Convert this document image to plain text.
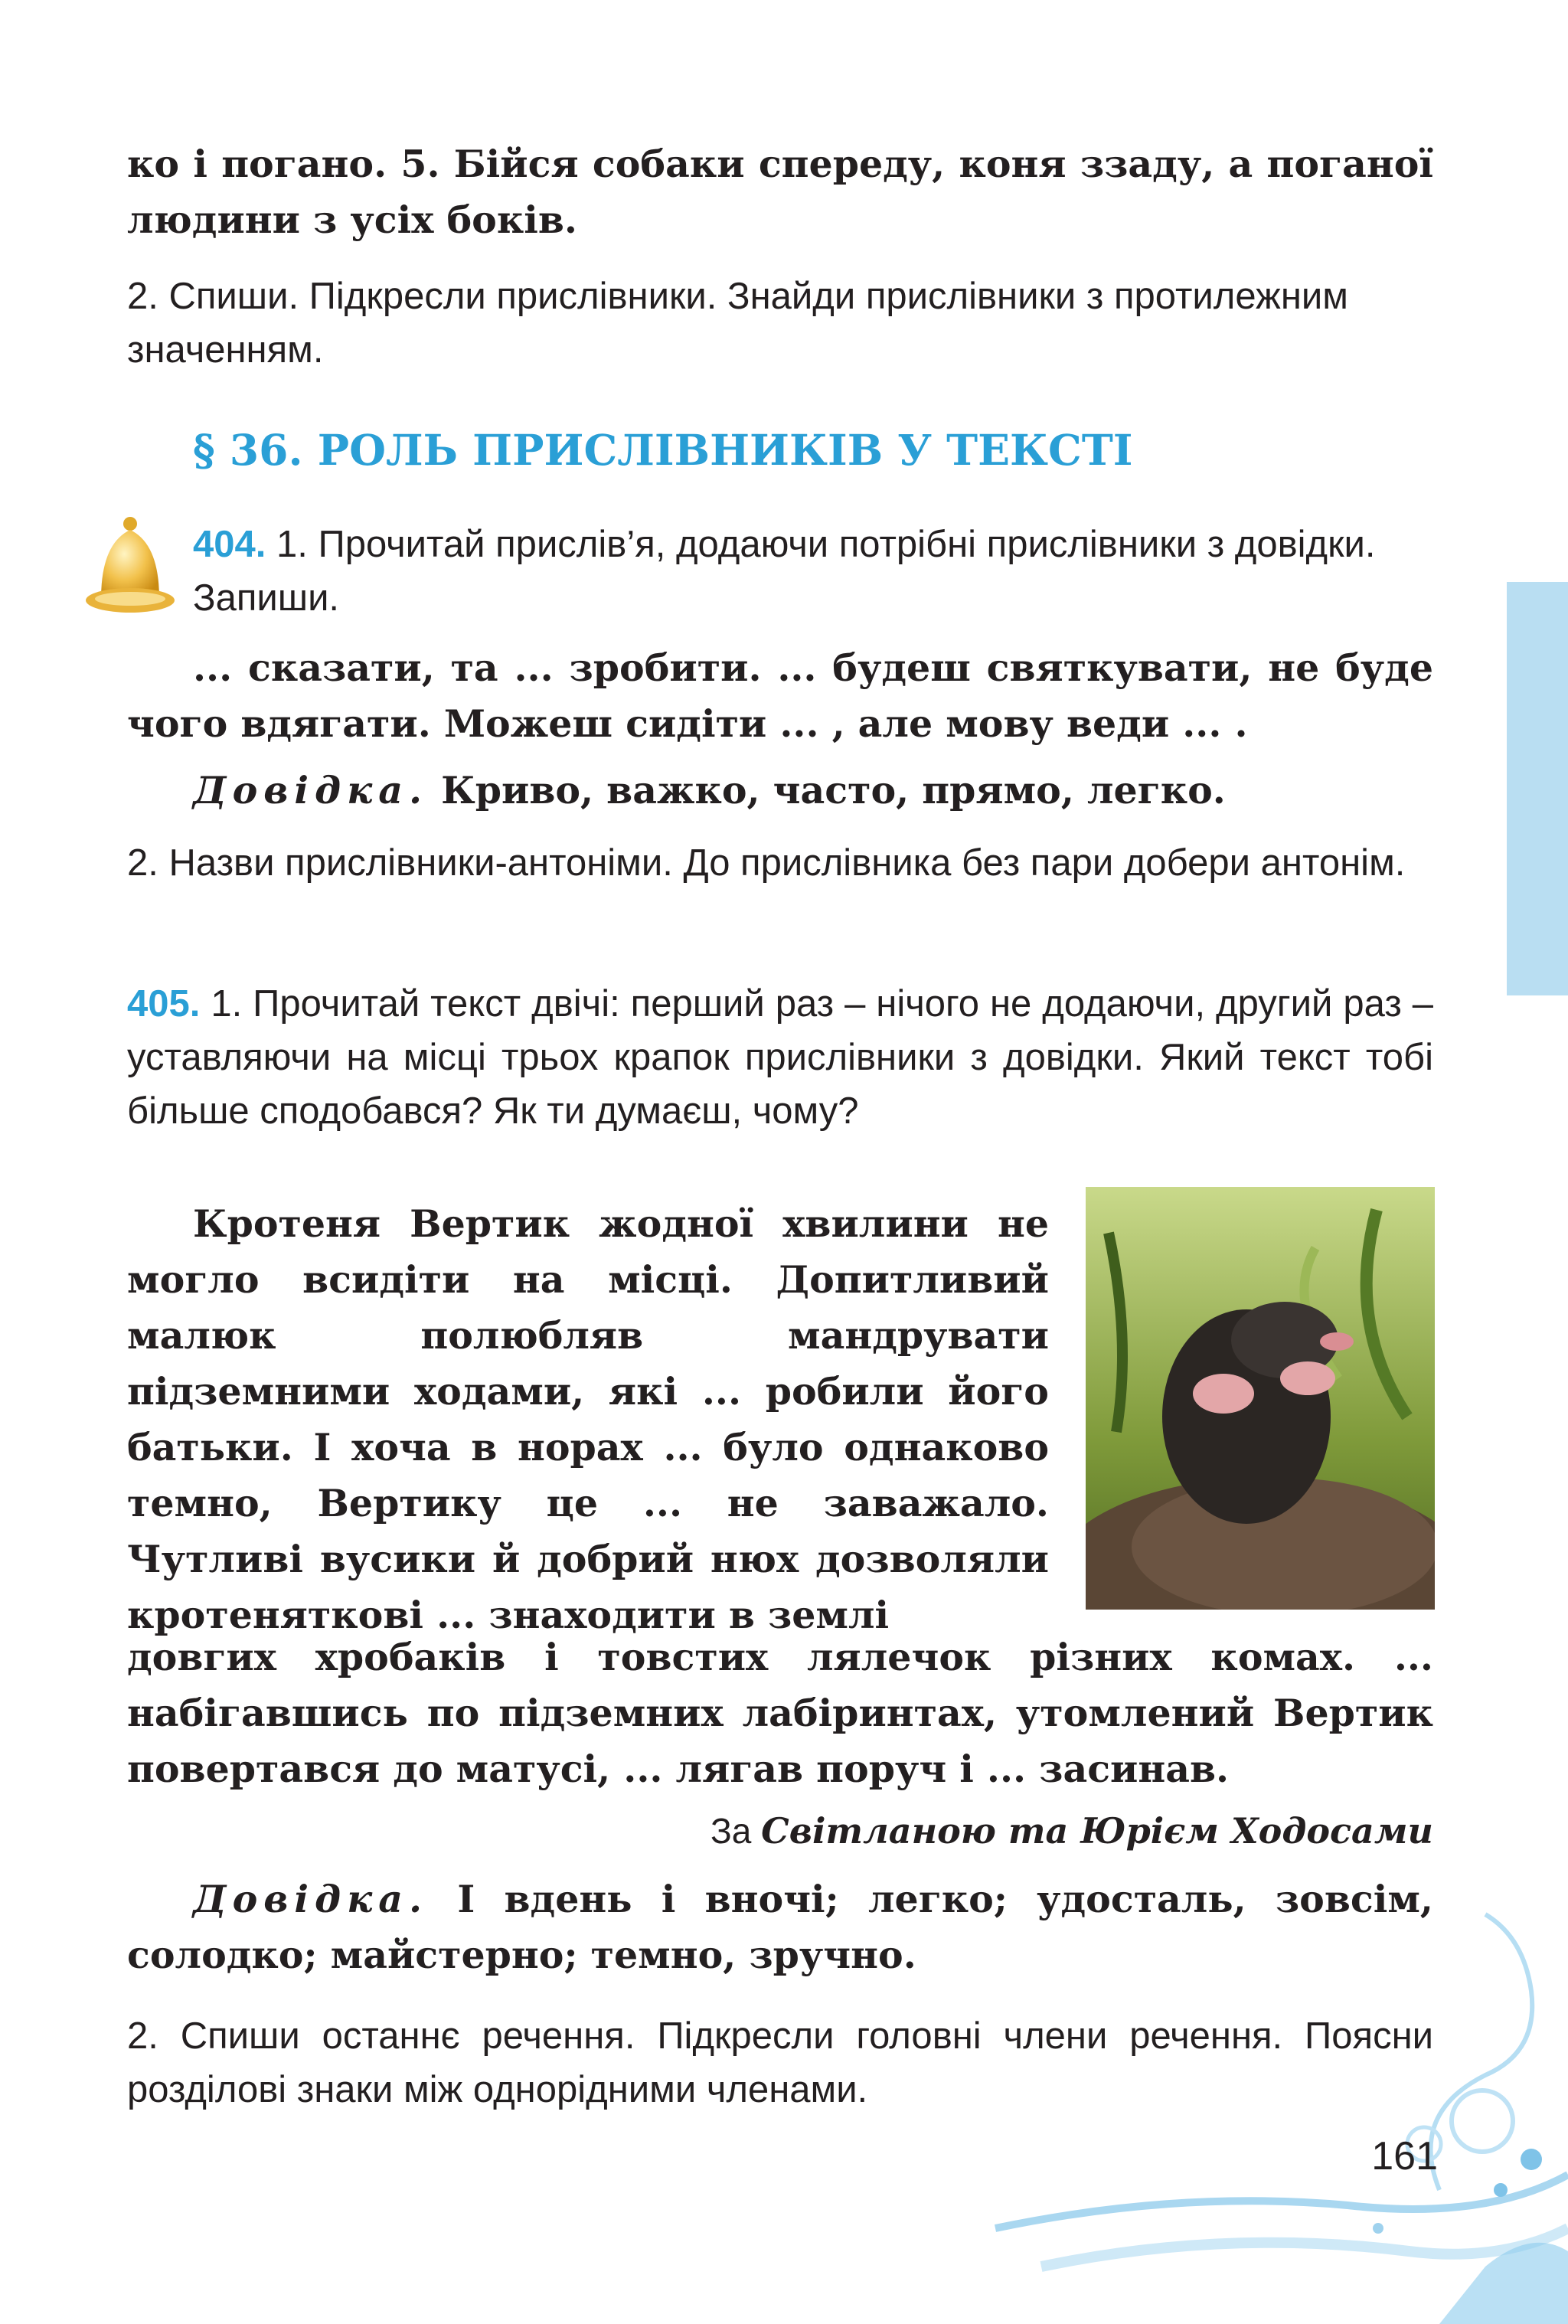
ко і погано. 5. Бійся собаки спереду, коня ззаду, а поганої людини з усіх боків.
2. Спиши. Підкресли прислівники. Знайди прислівники з протилежним значенням.
§ 36. РОЛЬ ПРИСЛІВНИКІВ У ТЕКСТІ
404. 1. Прочитай прислів’я, додаючи потрібні прислівники з довідки. Запиши.
... сказати, та ... зробити. ... будеш святкувати, не буде чого вдягати. Можеш сидіти ... , але мову веди ... .
Довідка. Криво, важко, часто, прямо, легко.
2. Назви прислівники-антоніми. До прислівника без пари добери антонім.
405. 1. Прочитай текст двічі: перший раз – нічого не додаючи, другий раз – уставляючи на місці трьох крапок прислівники з довідки. Який текст тобі більше сподобався? Як ти думаєш, чому?
Кротеня Вертик жодної хвилини не могло всидіти на місці. Допитливий малюк полюбляв мандрувати підземними ходами, які ... робили його батьки. І хоча в норах ... було однаково темно, Вертику це ... не заважало. Чутливі вусики й добрий нюх дозволяли кротеняткові ... знаходити в землі
довгих хробаків і товстих лялечок різних комах. ... набігавшись по підземних лабіринтах, утомлений Вертик повертався до матусі, ... лягав поруч і ... засинав.
За Світланою та Юрієм Ходосами
Довідка. І вдень і вночі; легко; удосталь, зовсім, солодко; майстерно; темно, зручно.
2. Спиши останнє речення. Підкресли головні члени речення. Поясни розділові знаки між однорідними членами.
161
